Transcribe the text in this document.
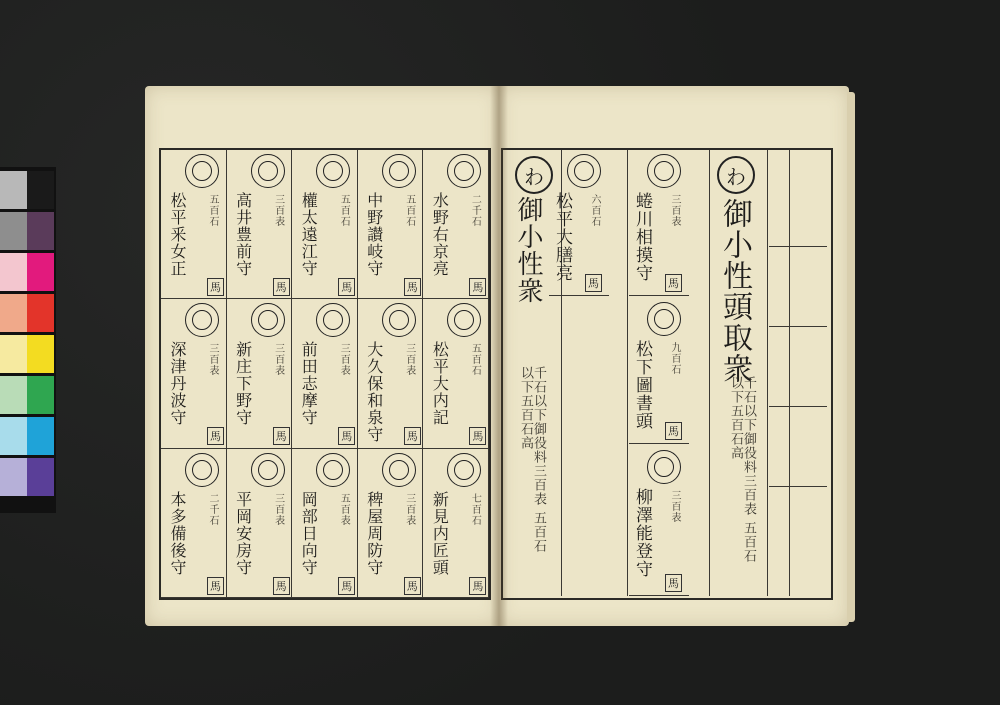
水野右京亮 二千石
馬
中野讃岐守 五百石
馬
權太遠江守 五百石
馬
高井豊前守 三百表
馬
松平釆女正 五百石
馬
松平大内記 五百石
馬
大久保和泉守 三百表
馬
前田志摩守 三百表
馬
新庄下野守 三百表
馬
深津丹波守 三百表
馬
新見内匠頭 七百石
馬
稗屋周防守 三百表
馬
岡部日向守 五百表
馬
平岡安房守 三百表
馬
本多備後守 二千石
馬
わ
御小性頭取衆
千石以下御役料三百表 五百石以下五百石高
わ
御小性衆
千石以下御役料三百表 五百石以下五百石高
蜷川相摸守 三百表
馬
松下圖書頭 九百石
馬
柳澤能登守 三百表
馬
松平大膳亮 六百石
馬
